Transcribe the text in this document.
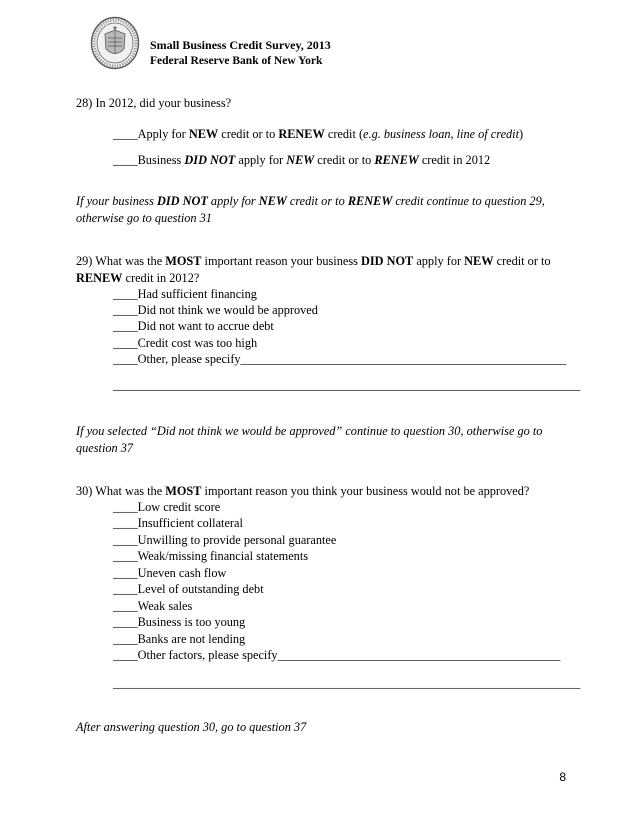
Small Business Credit Survey, 2013
Federal Reserve Bank of New York
28) In 2012, did your business?
____Apply for NEW credit or to RENEW credit (e.g. business loan, line of credit)
____Business DID NOT apply for NEW credit or to RENEW credit in 2012
If your business DID NOT apply for NEW credit or to RENEW credit continue to question 29,
otherwise go to question 31
29) What was the MOST important reason your business DID NOT apply for NEW credit or to
RENEW credit in 2012?
____Had sufficient financing
____Did not think we would be approved
____Did not want to accrue debt
____Credit cost was too high
____Other, please specify_____________________________________________________
____________________________________________________________________________
If you selected “Did not think we would be approved” continue to question 30, otherwise go to
question 37
30) What was the MOST important reason you think your business would not be approved?
____Low credit score
____Insufficient collateral
____Unwilling to provide personal guarantee
____Weak/missing financial statements
____Uneven cash flow
____Level of outstanding debt
____Weak sales
____Business is too young
____Banks are not lending
____Other factors, please specify______________________________________________
____________________________________________________________________________
After answering question 30, go to question 37
8
